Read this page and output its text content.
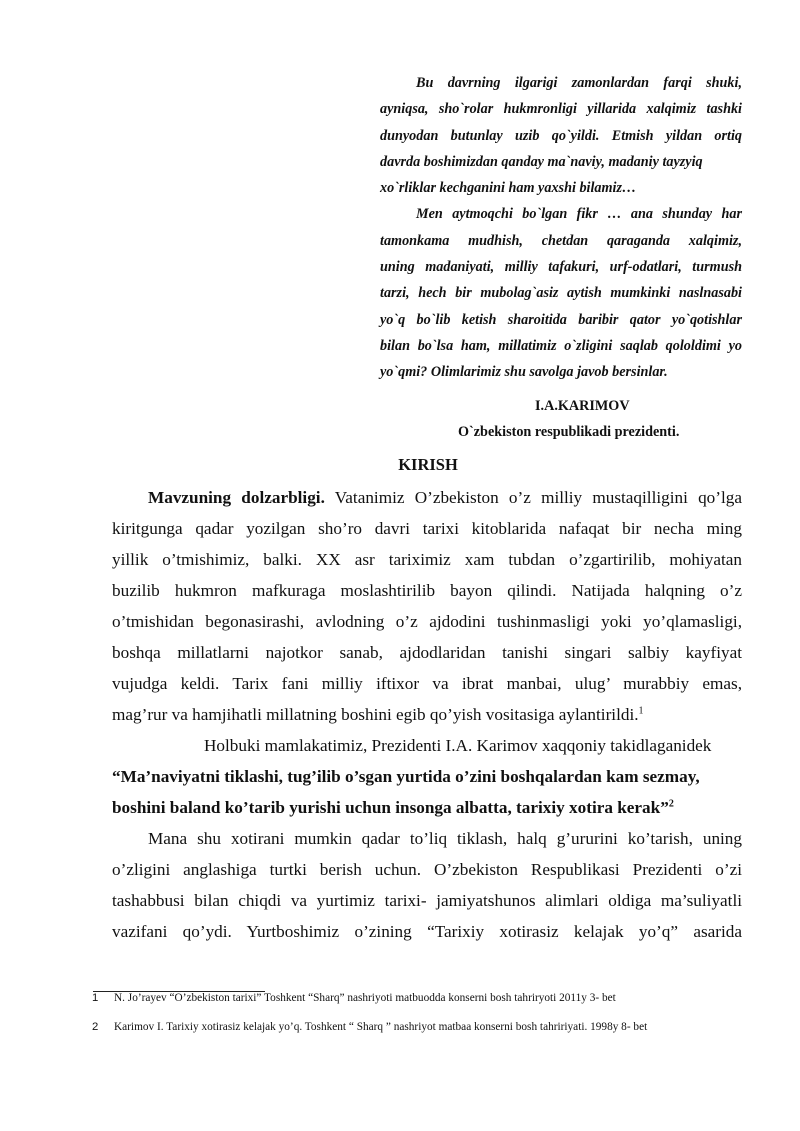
Bu davrning ilgarigi zamonlardan farqi shuki,
ayniqsa, sho`rolar hukmronligi yillarida xalqimiz tashki
dunyodan butunlay uzib qo`yildi. Etmish yildan ortiq
davrda boshimizdan qanday ma`naviy, madaniy tayzyiq
xo`rliklar kechganini ham yaxshi bilamiz…

Men aytmoqchi bo`lgan fikr … ana shunday har
tamonkama mudhish, chetdan qaraganda xalqimiz,
uning madaniyati, milliy tafakuri, urf-odatlari, turmush
tarzi, hech bir mubolag`asiz aytish mumkinki naslnasabi
yo`q bo`lib ketish sharoitida baribir qator yo`qotishlar
bilan bo`lsa ham, millatimiz o`zligini saqlab qololdimi yo
yo`qmi? Olimlarimiz shu savolga javob bersinlar.

I.A.KARIMOV
O`zbekiston respublikadi prezidenti.
KIRISH
Mavzuning dolzarbligi. Vatanimiz O’zbekiston o’z milliy mustaqilligini qo’lga
kiritgunga qadar yozilgan sho’ro davri tarixi kitoblarida nafaqat bir necha ming
yillik o’tmishimiz, balki. XX asr tariximiz xam tubdan o’zgartirilib, mohiyatan
buzilib hukmron mafkuraga moslashtirilib bayon qilindi. Natijada halqning o’z
o’tmishidan begonasirashi, avlodning o’z ajdodini tushinmasligi yoki yo’qlamasligi,
boshqa millatlarni najotkor sanab, ajdodlaridan tanishi singari salbiy kayfiyat
vujudga keldi. Tarix fani milliy iftixor va ibrat manbai, ulug’ murabbiy emas,
mag’rur va hamjihatli millatning boshini egib qo’yish vositasiga aylantirildi.$^1$
Holbuki mamlakatimiz, Prezidenti I.A. Karimov xaqqoniy takidlaganidek
“Ma’naviyatni tiklashi, tug’ilib o’sgan yurtida o’zini boshqalardan kam sezmay,
boshini baland ko’tarib yurishi uchun insonga albatta, tarixiy xotira kerak”$^2$
Mana shu xotirani mumkin qadar to’liq tiklash, halq g’ururini ko’tarish, uning
o’zligini anglashiga turtki berish uchun. O’zbekiston Respublikasi Prezidenti o’zi
tashabbusi bilan chiqdi va yurtimiz tarixi- jamiyatshunos alimlari oldiga ma’suliyatli
vazifani qo’ydi. Yurtboshimiz o’zining “Tarixiy xotirasiz kelajak yo’q” asarida
1 N. Jo’rayev “O’zbekiston tarixi” Toshkent “Sharq” nashriyoti matbuodda konserni bosh tahriryoti 2011y 3- bet
2 Karimov I. Tarixiy xotirasiz kelajak yo’q. Toshkent “ Sharq ” nashriyot matbaa konserni bosh tahririyati. 1998y 8- bet
